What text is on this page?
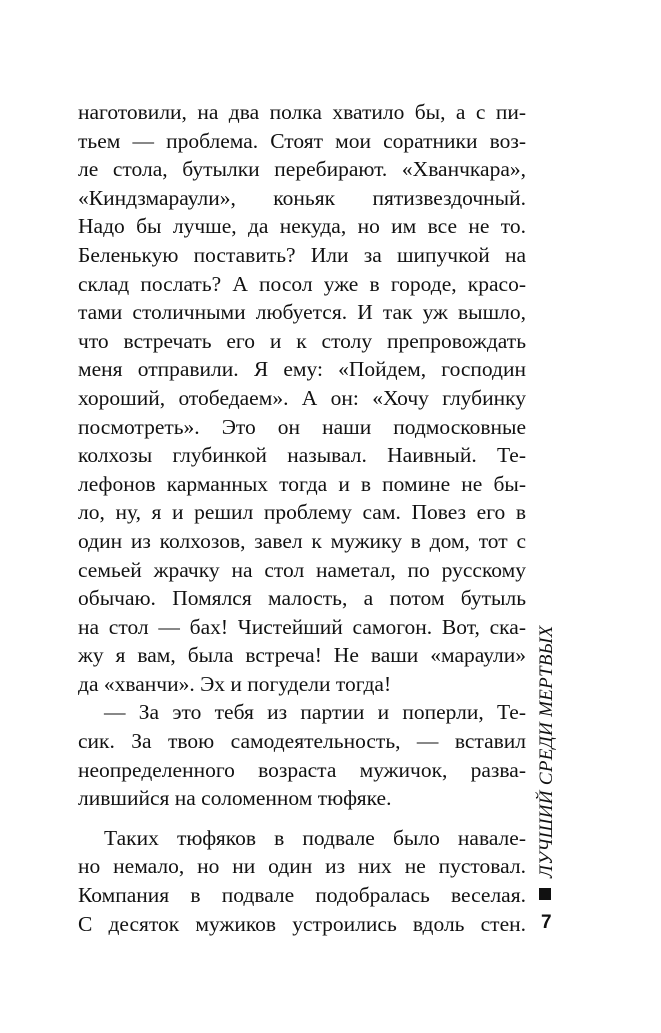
наготовили, на два полка хватило бы, а с пи-
тьем — проблема. Стоят мои соратники воз-
ле стола, бутылки перебирают. «Хванчкара»,
«Киндзмараули», коньяк пятизвездочный.
Надо бы лучше, да некуда, но им все не то.
Беленькую поставить? Или за шипучкой на
склад послать? А посол уже в городе, красо-
тами столичными любуется. И так уж вышло,
что встречать его и к столу препровождать
меня отправили. Я ему: «Пойдем, господин
хороший, отобедаем». А он: «Хочу глубинку
посмотреть». Это он наши подмосковные
колхозы глубинкой называл. Наивный. Те-
лефонов карманных тогда и в помине не бы-
ло, ну, я и решил проблему сам. Повез его в
один из колхозов, завел к мужику в дом, тот с
семьей жрачку на стол наметал, по русскому
обычаю. Помялся малость, а потом бутыль
на стол — бах! Чистейший самогон. Вот, ска-
жу я вам, была встреча! Не ваши «мараули»
да «хванчи». Эх и погудели тогда!
— За это тебя из партии и поперли, Те-
сик. За твою самодеятельность, — вставил
неопределенного возраста мужичок, разва-
лившийся на соломенном тюфяке.
Таких тюфяков в подвале было навале-
но немало, но ни один из них не пустовал.
Компания в подвале подобралась веселая.
С десяток мужиков устроились вдоль стен.
ЛУЧШИЙ СРЕДИ МЕРТВЫХ
7
